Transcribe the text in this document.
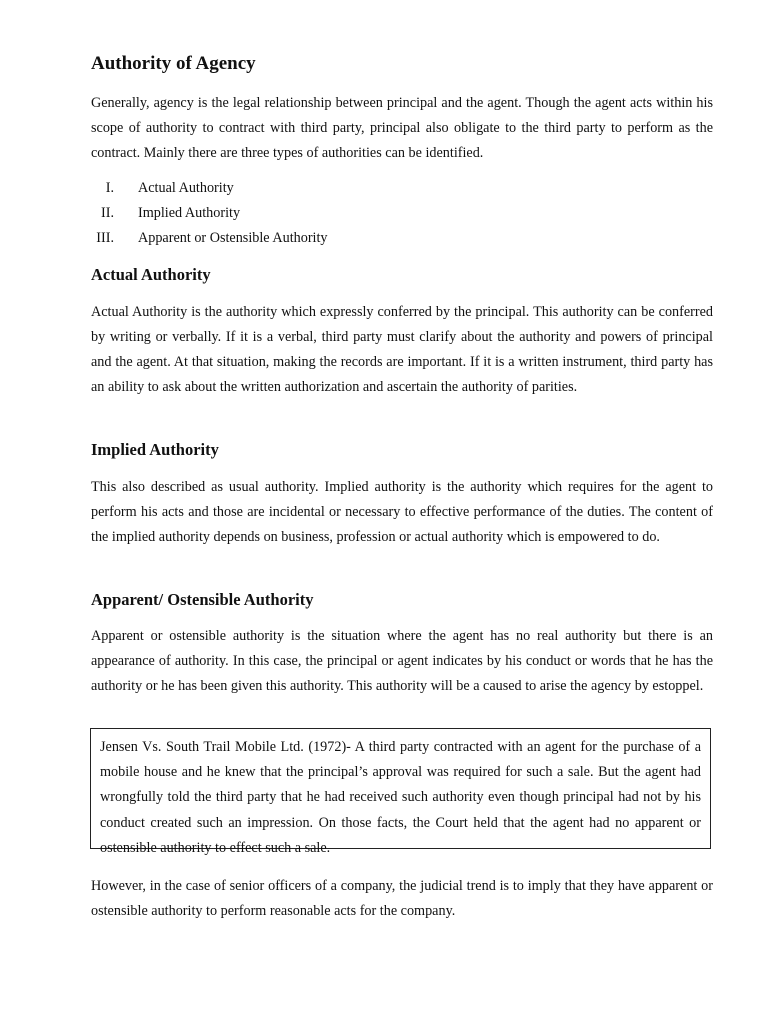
Authority of Agency

Generally, agency is the legal relationship between principal and the agent. Though the agent acts within his scope of authority to contract with third party, principal also obligate to the third party to perform as the contract. Mainly there are three types of authorities can be identified.

I. Actual Authority
II. Implied Authority
III. Apparent or Ostensible Authority
Actual Authority

Actual Authority is the authority which expressly conferred by the principal. This authority can be conferred by writing or verbally. If it is a verbal, third party must clarify about the authority and powers of principal and the agent. At that situation, making the records are important. If it is a written instrument, third party has an ability to ask about the written authorization and ascertain the authority of parities.

Implied Authority

This also described as usual authority. Implied authority is the authority which requires for the agent to perform his acts and those are incidental or necessary to effective performance of the duties. The content of the implied authority depends on business, profession or actual authority which is empowered to do.

Apparent/ Ostensible Authority

Apparent or ostensible authority is the situation where the agent has no real authority but there is an appearance of authority. In this case, the principal or agent indicates by his conduct or words that he has the authority or he has been given this authority. This authority will be a caused to arise the agency by estoppel.

Jensen Vs. South Trail Mobile Ltd. (1972)- A third party contracted with an agent for the purchase of a mobile house and he knew that the principal’s approval was required for such a sale. But the agent had wrongfully told the third party that he had received such authority even though principal had not by his conduct created such an impression. On those facts, the Court held that the agent had no apparent or ostensible authority to effect such a sale.

However, in the case of senior officers of a company, the judicial trend is to imply that they have apparent or ostensible authority to perform reasonable acts for the company.
